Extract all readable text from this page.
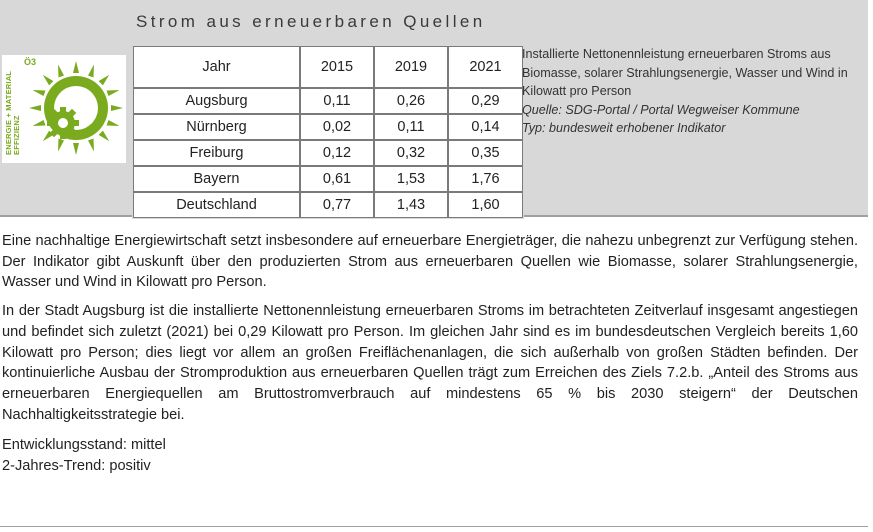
Strom aus erneuerbaren Quellen
ENERGIE + MATERIAL
EFFIZIENZ
Ö3	Jahr	2015	2019	2021
Augsburg	0,11	0,26	0,29
Nürnberg	0,02	0,11	0,14
Freiburg	0,12	0,32	0,35
Bayern	0,61	1,53	1,76
Deutschland	0,77	1,43	1,60
Installierte Nettonennleistung erneuerbaren Stroms aus Biomasse, solarer Strahlungsenergie, Wasser und Wind in Kilowatt pro Person
Quelle: SDG-Portal / Portal Wegweiser Kommune
Typ: bundesweit erhobener Indikator

Eine nachhaltige Energiewirtschaft setzt insbesondere auf erneuerbare Energieträger, die nahezu unbegrenzt zur Verfügung stehen. Der Indikator gibt Auskunft über den produzierten Strom aus erneuerbaren Quellen wie Biomasse, solarer Strahlungsenergie, Wasser und Wind in Kilowatt pro Person.

In der Stadt Augsburg ist die installierte Nettonennleistung erneuerbaren Stroms im betrachteten Zeitverlauf insgesamt angestiegen und befindet sich zuletzt (2021) bei 0,29 Kilowatt pro Person. Im gleichen Jahr sind es im bundesdeutschen Vergleich bereits 1,60 Kilowatt pro Person; dies liegt vor allem an großen Freiflächenanlagen, die sich außerhalb von großen Städten befinden. Der kontinuierliche Ausbau der Stromproduktion aus erneuerbaren Quellen trägt zum Erreichen des Ziels 7.2.b. „Anteil des Stroms aus erneuerbaren Energiequellen am Bruttostromverbrauch auf mindestens 65 % bis 2030 steigern“ der Deutschen Nachhaltigkeitsstrategie bei.

Entwicklungsstand: mittel
2-Jahres-Trend: positiv
